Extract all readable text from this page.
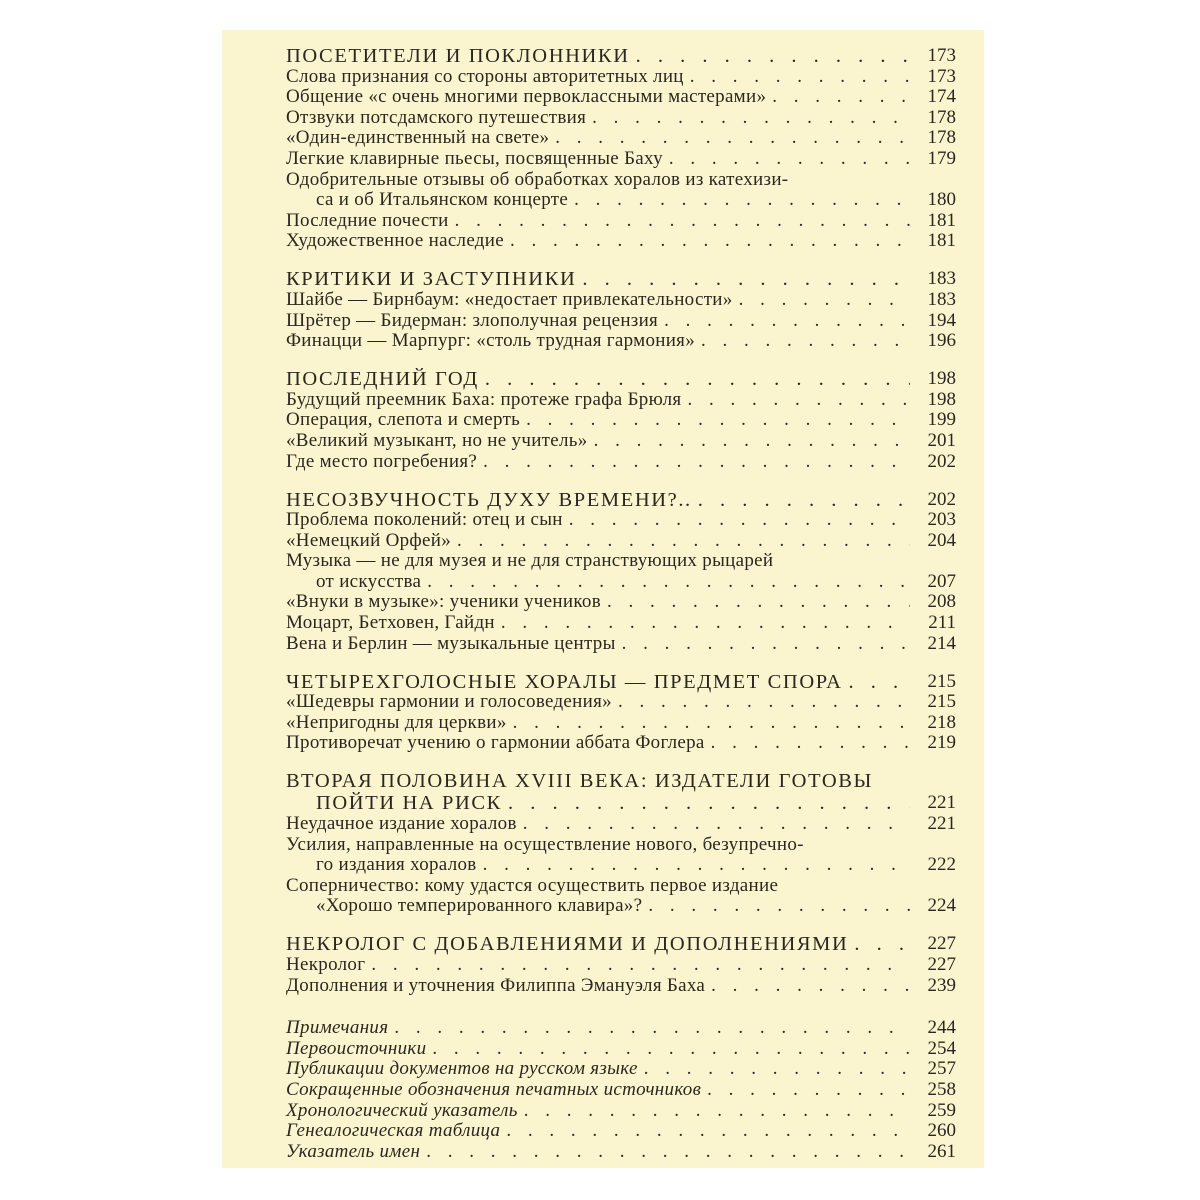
ПОСЕТИТЕЛИ И ПОКЛОННИКИ . . .	173
Слова признания со стороны авторитетных лиц . . .	173
Общение «с очень многими первоклассными мастерами» . . .	174
Отзвуки потсдамского путешествия . . .	178
«Один-единственный на свете» . . .	178
Легкие клавирные пьесы, посвященные Баху . . .	179
Одобрительные отзывы об обработках хоралов из катехизи-
са и об Итальянском концерте . . .	180
Последние почести . . .	181
Художественное наследие . . .	181
КРИТИКИ И ЗАСТУПНИКИ . . .	183
Шайбе — Бирнбаум: «недостает привлекательности» . . .	183
Шрётер — Бидерман: злополучная рецензия . . .	194
Финацци — Марпург: «столь трудная гармония» . . .	196
ПОСЛЕДНИЙ ГОД . . .	198
Будущий преемник Баха: протеже графа Брюля . . .	198
Операция, слепота и смерть . . .	199
«Великий музыкант, но не учитель» . . .	201
Где место погребения? . . .	202
НЕСОЗВУЧНОСТЬ ДУХУ ВРЕМЕНИ?.. . . .	202
Проблема поколений: отец и сын . . .	203
«Немецкий Орфей» . . .	204
Музыка — не для музея и не для странствующих рыцарей
от искусства . . .	207
«Внуки в музыке»: ученики учеников . . .	208
Моцарт, Бетховен, Гайдн . . .	211
Вена и Берлин — музыкальные центры . . .	214
ЧЕТЫРЕХГОЛОСНЫЕ ХОРАЛЫ — ПРЕДМЕТ СПОРА . . .	215
«Шедевры гармонии и голосоведения» . . .	215
«Непригодны для церкви» . . .	218
Противоречат учению о гармонии аббата Фоглера . . .	219
ВТОРАЯ ПОЛОВИНА XVIII ВЕКА: ИЗДАТЕЛИ ГОТОВЫ
ПОЙТИ НА РИСК . . .	221
Неудачное издание хоралов . . .	221
Усилия, направленные на осуществление нового, безупречно-
го издания хоралов . . .	222
Соперничество: кому удастся осуществить первое издание
«Хорошо темперированного клавира»? . . .	224
НЕКРОЛОГ С ДОБАВЛЕНИЯМИ И ДОПОЛНЕНИЯМИ . . .	227
Некролог . . .	227
Дополнения и уточнения Филиппа Эмануэля Баха . . .	239
Примечания . . .	244
Первоисточники . . .	254
Публикации документов на русском языке . . .	257
Сокращенные обозначения печатных источников . . .	258
Хронологический указатель . . .	259
Генеалогическая таблица . . .	260
Указатель имен . . .	261
